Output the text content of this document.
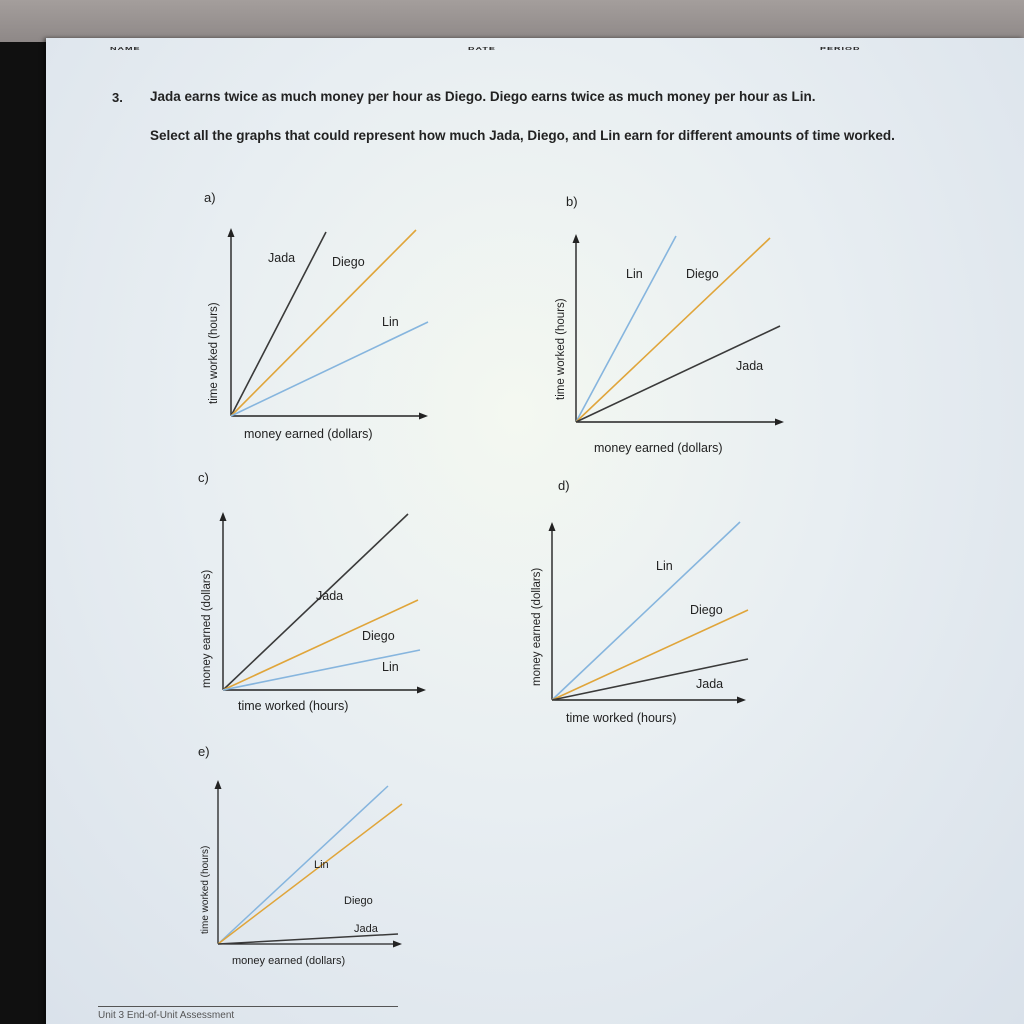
NAME	DATE	PERIOD
3. Jada earns twice as much money per hour as Diego. Diego earns twice as much money per hour as Lin.
Select all the graphs that could represent how much Jada, Diego, and Lin earn for different amounts of time worked.
a)
Jada	Diego
Lin
money earned (dollars)
time worked (hours)
b)
Lin	Diego
Jada
money earned (dollars)
time worked (hours)
c)
Jada
Diego
time worked (hours)
money earned (dollars)	Lin
d)
Lin
Diego
Jada
time worked (hours)
money earned (dollars)
e)
Lin
Diego
Jada
money earned (dollars)
time worked (hours)
Unit 3 End-of-Unit Assessment
